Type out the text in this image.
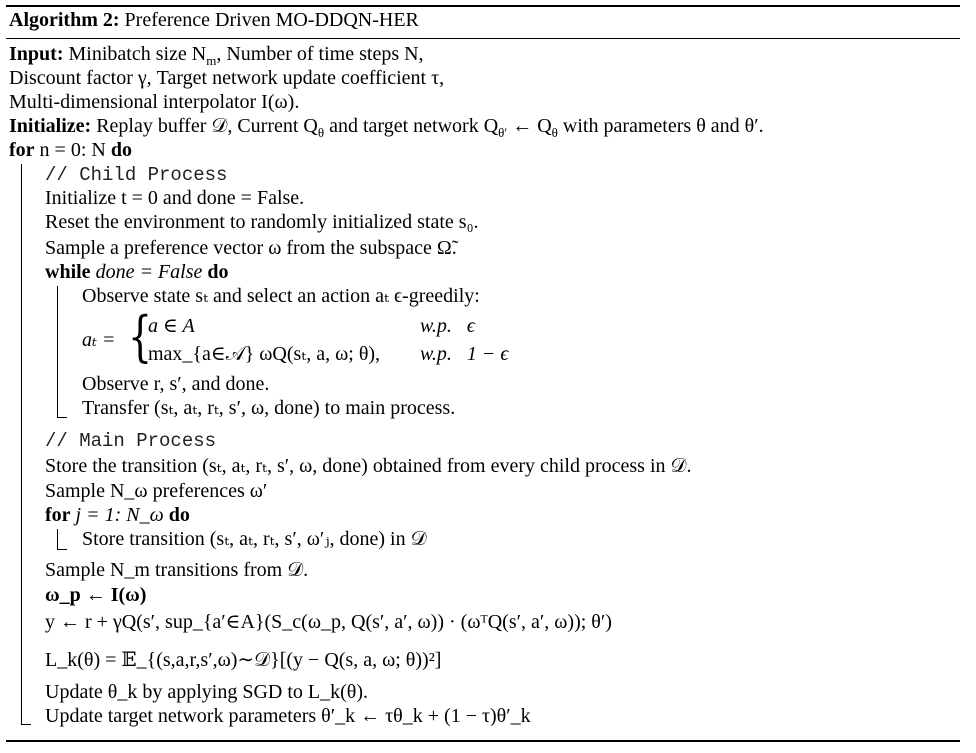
Algorithm 2: Preference Driven MO-DDQN-HER
Input: Minibatch size $N_m$, Number of time steps N,
Discount factor γ, Target network update coefficient τ,
Multi-dimensional interpolator I(ω).
Initialize: Replay buffer 𝒟, Current $Q_\theta$ and target network $Q_{\theta'}$ ← $Q_\theta$ with parameters θ and θ′.
for n = 0: N do
// Child Process
Initialize t = 0 and done = False.
Reset the environment to randomly initialized state s₀.
Sample a preference vector ω from the subspace Ω̃.
while done = False do
Observe state sₜ and select an action aₜ ϵ-greedily:
aₜ = {
a ∈ A	w.p.   ϵ
max_{a∈𝒜} ωQ(sₜ, a, ω; θ), w.p.   1 − ϵ
Observe r, s′, and done.
Transfer (sₜ, aₜ, rₜ, s′, ω, done) to main process.
// Main Process
Store the transition (sₜ, aₜ, rₜ, s′, ω, done) obtained from every child process in 𝒟.
Sample N_ω preferences ω′
for j = 1: N_ω do
Store transition (sₜ, aₜ, rₜ, s′, ω′ⱼ, done) in 𝒟
Sample N_m transitions from 𝒟.
ω_p ← I(ω)
y ← r + γQ(s′, sup_{a′∈A}(S_c(ω_p, Q(s′, a′, ω)) · (ωᵀQ(s′, a′, ω)); θ′)
L_k(θ) = 𝔼_{(s,a,r,s′,ω)∼𝒟}[(y − Q(s, a, ω; θ))²]
Update θ_k by applying SGD to L_k(θ).
Update target network parameters θ′_k ← τθ_k + (1 − τ)θ′_k
